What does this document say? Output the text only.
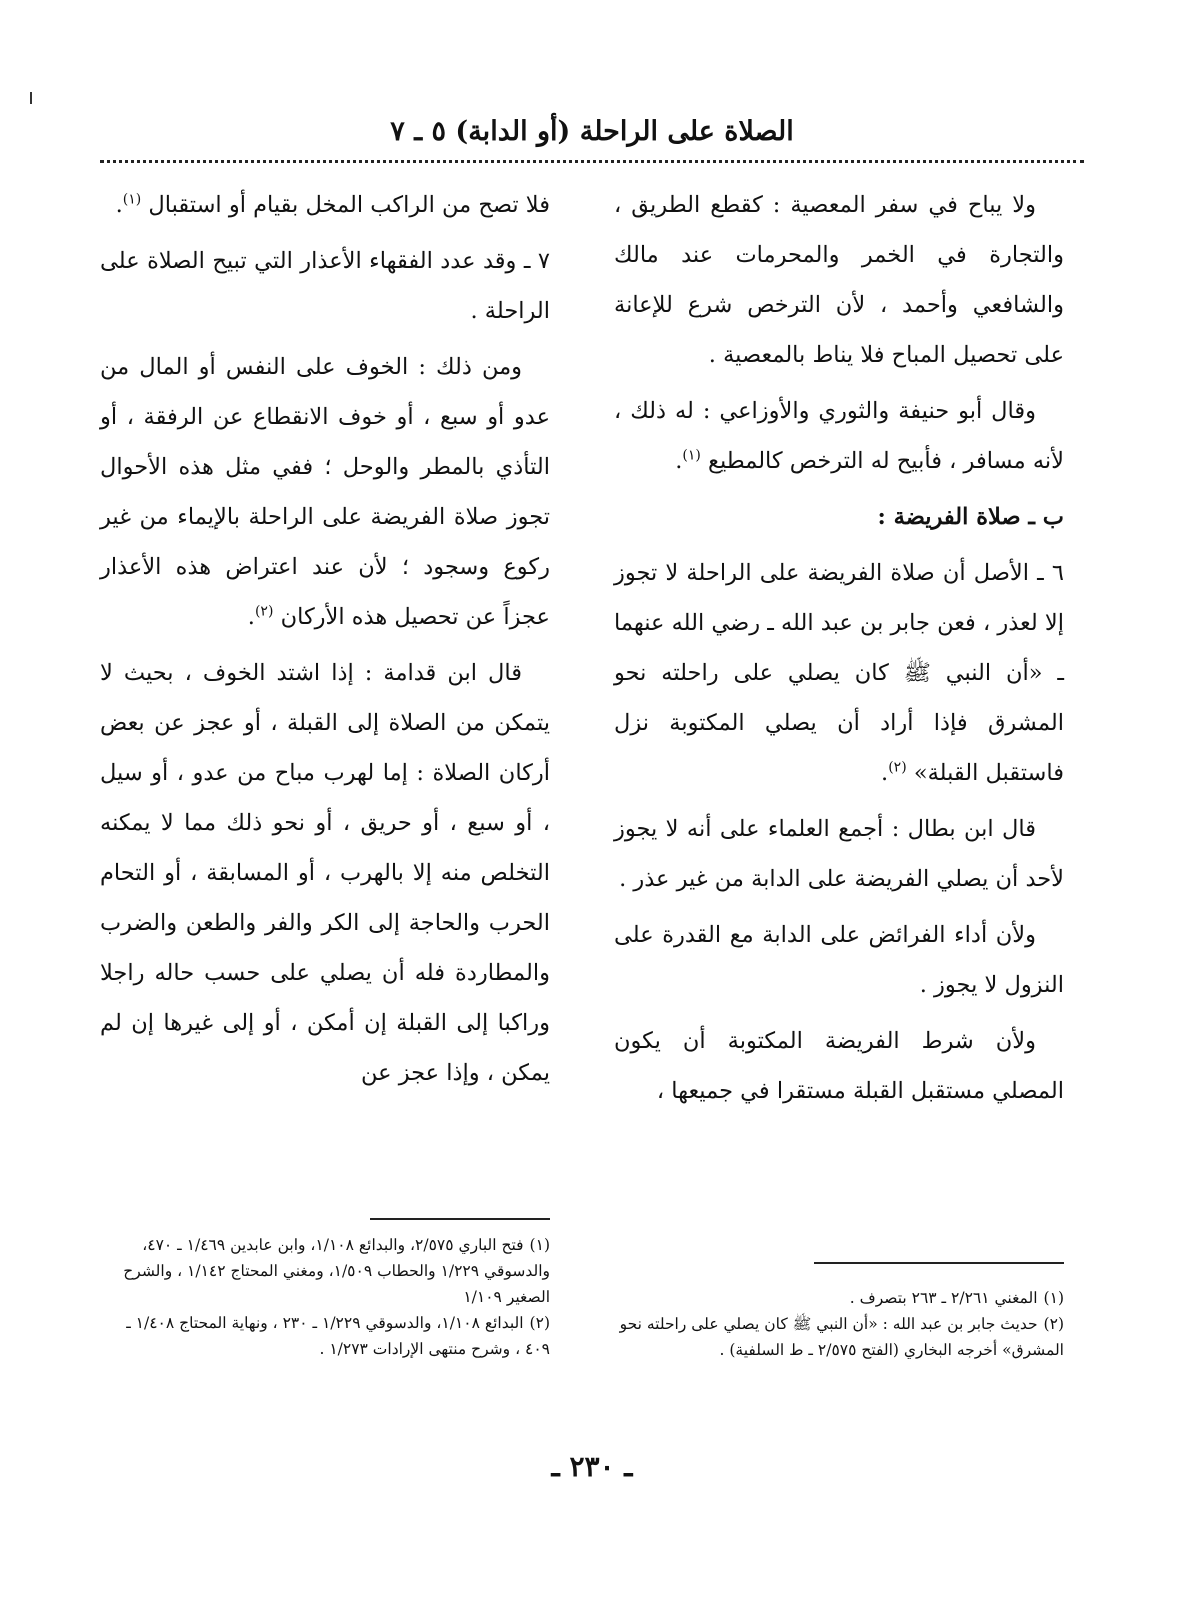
الصلاة على الراحلة (أو الدابة) ٥ ـ ٧

ولا يباح في سفر المعصية : كقطع الطريق ، والتجارة في الخمر والمحرمات عند مالك والشافعي وأحمد ، لأن الترخص شرع للإعانة على تحصيل المباح فلا يناط بالمعصية .

وقال أبو حنيفة والثوري والأوزاعي : له ذلك ، لأنه مسافر ، فأبيح له الترخص كالمطيع $^{(١)}$.

ب ـ صلاة الفريضة :

٦ ـ الأصل أن صلاة الفريضة على الراحلة لا تجوز إلا لعذر ، فعن جابر بن عبد الله ـ رضي الله عنهما ـ «أن النبي ﷺ كان يصلي على راحلته نحو المشرق فإذا أراد أن يصلي المكتوبة نزل فاستقبل القبلة» $^{(٢)}$.

قال ابن بطال : أجمع العلماء على أنه لا يجوز لأحد أن يصلي الفريضة على الدابة من غير عذر .

ولأن أداء الفرائض على الدابة مع القدرة على النزول لا يجوز .

ولأن شرط الفريضة المكتوبة أن يكون المصلي مستقبل القبلة مستقرا في جميعها ،

فلا تصح من الراكب المخل بقيام أو استقبال $^{(١)}$.

٧ ـ وقد عدد الفقهاء الأعذار التي تبيح الصلاة على الراحلة .

ومن ذلك : الخوف على النفس أو المال من عدو أو سبع ، أو خوف الانقطاع عن الرفقة ، أو التأذي بالمطر والوحل ؛ ففي مثل هذه الأحوال تجوز صلاة الفريضة على الراحلة بالإيماء من غير ركوع وسجود ؛ لأن عند اعتراض هذه الأعذار عجزاً عن تحصيل هذه الأركان $^{(٢)}$.

قال ابن قدامة : إذا اشتد الخوف ، بحيث لا يتمكن من الصلاة إلى القبلة ، أو عجز عن بعض أركان الصلاة : إما لهرب مباح من عدو ، أو سيل ، أو سبع ، أو حريق ، أو نحو ذلك مما لا يمكنه التخلص منه إلا بالهرب ، أو المسابقة ، أو التحام الحرب والحاجة إلى الكر والفر والطعن والضرب والمطاردة فله أن يصلي على حسب حاله راجلا وراكبا إلى القبلة إن أمكن ، أو إلى غيرها إن لم يمكن ، وإذا عجز عن

(١)فتح الباري ٢/٥٧٥، والبدائع ١/١٠٨، وابن عابدين ١/٤٦٩ ـ ٤٧٠، والدسوقي ١/٢٢٩ والحطاب ١/٥٠٩، ومغني المحتاج ١/١٤٢ ، والشرح الصغير ١/١٠٩

(٢)البدائع ١/١٠٨، والدسوقي ١/٢٢٩ ـ ٢٣٠ ، ونهاية المحتاج ١/٤٠٨ ـ ٤٠٩ ، وشرح منتهى الإرادات ١/٢٧٣ .

(١)المغني ٢/٢٦١ ـ ٢٦٣ بتصرف .

(٢)حديث جابر بن عبد الله : «أن النبي ﷺ كان يصلي على راحلته نحو المشرق» أخرجه البخاري (الفتح ٢/٥٧٥ ـ ط السلفية) .

ـ ٢٣٠ ـ
